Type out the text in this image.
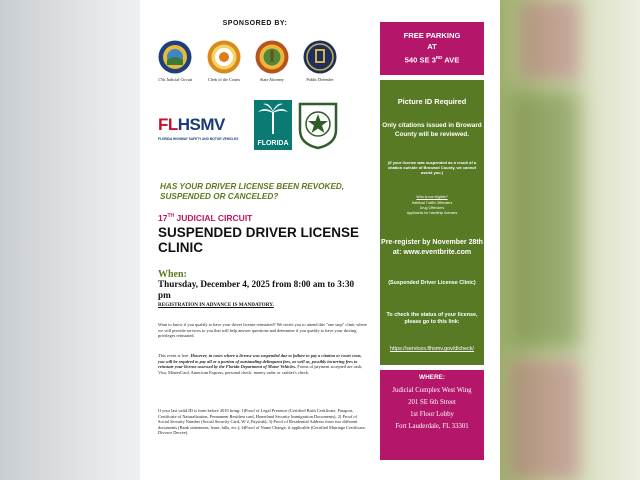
SPONSORED BY:
17th Judicial Circuit	Clerk of the Courts	State Attorney	Public Defender
FLHSMV
FLORIDA HIGHWAY SAFETY AND MOTOR VEHICLES
FLORIDA
HAS YOUR DRIVER LICENSE BEEN REVOKED, SUSPENDED OR CANCELED?
17TH JUDICIAL CIRCUIT
SUSPENDED DRIVER LICENSE CLINIC
When:
Thursday, December 4, 2025 from 8:00 am to 3:30 pm
REGISTRATION IN ADVANCE IS MANDATORY.
Want to know if you qualify to have your driver license reinstated? We invite you to attend this "one stop" clinic where we will provide services to you that will help answer questions and determine if you qualify to have your driving privileges reinstated.
This event is free. However, in cases where a license was suspended due to failure to pay a citation or court costs, you will be required to pay all or a portion of outstanding delinquent fees, as well as, possibly incurring fees to reinstate your license assessed by the Florida Department of Motor Vehicles. Forms of payment accepted are cash, Visa, MasterCard, American Express, personal check, money order or cashier's check.
If your last valid ID is from before 2010 bring: 1)Proof of Legal Presence (Certified Birth Certificate, Passport, Certificate of Naturalization, Permanent Resident card, Homeland Security Immigration Documents); 2) Proof of Social Security Number (Social Security Card, W-2, Paystub); 3) Proof of Residential Address from two different documents (Bank statements, lease, bills, etc.); 4)Proof of Name Change, if applicable (Certified Marriage Certificate, Divorce Decree).
FREE PARKING
AT
540 SE 3RD AVE
Picture ID Required
Only citations issued in Broward County will be reviewed.
(If your license was suspended as a result of a citation outside of Broward County, we cannot assist you.)
Who is not eligible?
Habitual Traffic Offenders
Drug Offenders
Applicants for hardship licenses
Pre-register by November 28th at: www.eventbrite.com
(Suspended Driver License Clinic)
To check the status of your license, please go to this link:
https://services.flhsmv.gov/dlcheck/
WHERE:
Judicial Complex West Wing
201 SE 6th Street
1st Floor Lobby
Fort Lauderdale, FL 33301
